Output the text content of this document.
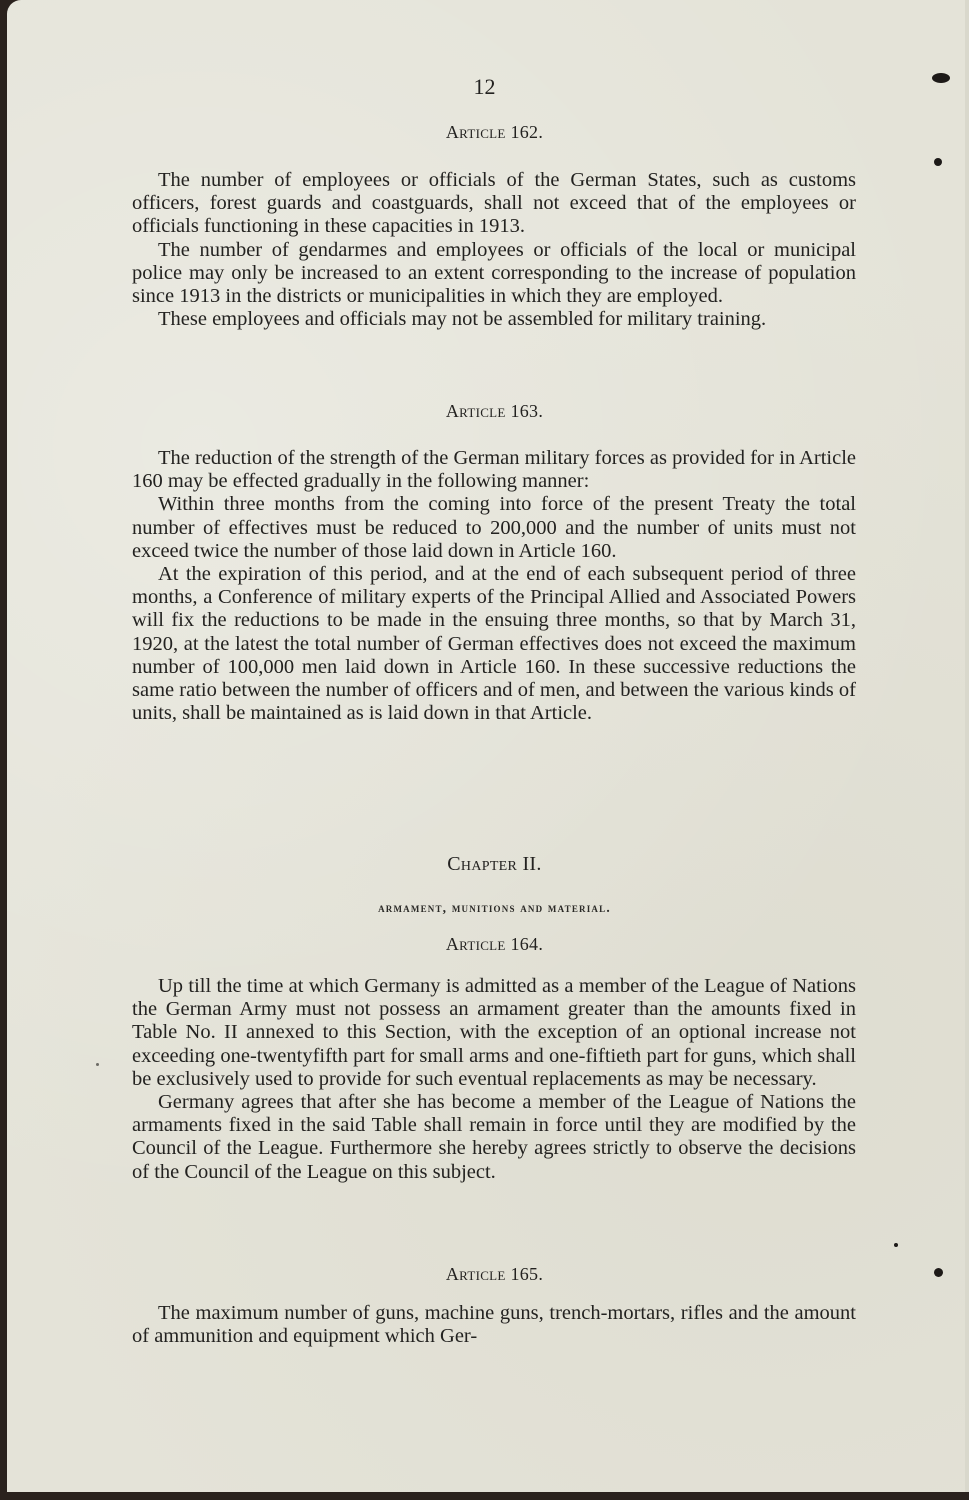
12
Article 162.

The number of employees or officials of the German States, such as customs officers, forest guards and coastguards, shall not exceed that of the employees or officials functioning in these capacities in 1913.

The number of gendarmes and employees or officials of the local or municipal police may only be increased to an extent corresponding to the increase of population since 1913 in the districts or municipalities in which they are employed.

These employees and officials may not be assembled for military training.

Article 163.

The reduction of the strength of the German military forces as provided for in Article 160 may be effected gradually in the following manner:

Within three months from the coming into force of the present Treaty the total number of effectives must be reduced to 200,000 and the number of units must not exceed twice the number of those laid down in Article 160.

At the expiration of this period, and at the end of each subsequent period of three months, a Conference of military experts of the Principal Allied and Associated Powers will fix the reductions to be made in the ensuing three months, so that by March 31, 1920, at the latest the total number of German effectives does not exceed the maximum number of 100,000 men laid down in Article 160. In these successive reductions the same ratio between the number of officers and of men, and between the various kinds of units, shall be maintained as is laid down in that Article.

Chapter II.
armament, munitions and material.
Article 164.

Up till the time at which Germany is admitted as a member of the League of Nations the German Army must not possess an armament greater than the amounts fixed in Table No. II annexed to this Section, with the exception of an optional increase not exceeding one-twentyfifth part for small arms and one-fiftieth part for guns, which shall be exclusively used to provide for such eventual replacements as may be necessary.

Germany agrees that after she has become a member of the League of Nations the armaments fixed in the said Table shall remain in force until they are modified by the Council of the League. Furthermore she hereby agrees strictly to observe the decisions of the Council of the League on this subject.

Article 165.

The maximum number of guns, machine guns, trench-mortars, rifles and the amount of ammunition and equipment which Ger-
